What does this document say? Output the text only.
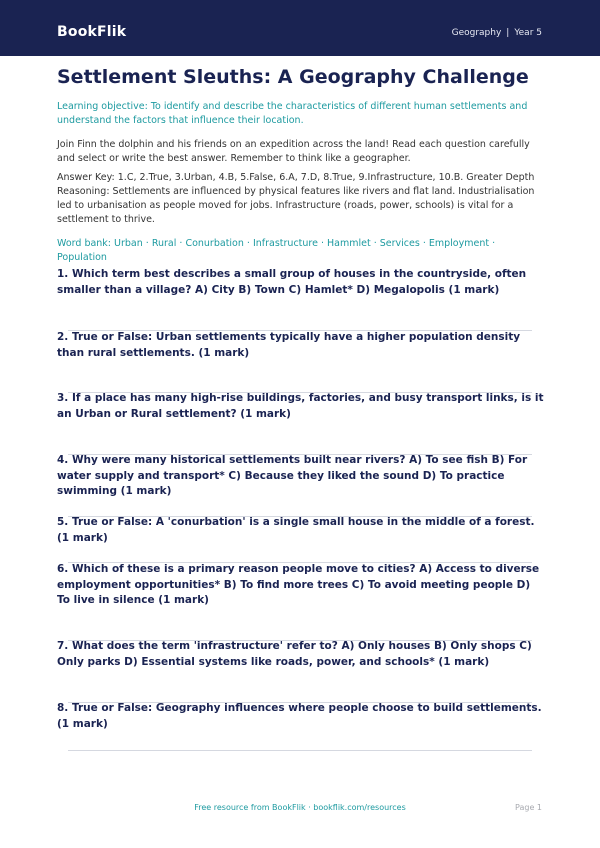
BookFlik	Geography | Year 5
Settlement Sleuths: A Geography Challenge

Learning objective: To identify and describe the characteristics of different human settlements and understand the factors that influence their location.

Join Finn the dolphin and his friends on an expedition across the land! Read each question carefully and select or write the best answer. Remember to think like a geographer.

Answer Key: 1.C, 2.True, 3.Urban, 4.B, 5.False, 6.A, 7.D, 8.True, 9.Infrastructure, 10.B. Greater Depth Reasoning: Settlements are influenced by physical features like rivers and flat land. Industrialisation led to urbanisation as people moved for jobs. Infrastructure (roads, power, schools) is vital for a settlement to thrive.

Word bank: Urban · Rural · Conurbation · Infrastructure · Hammlet · Services · Employment · Population

1. Which term best describes a small group of houses in the countryside, often smaller than a village? A) City B) Town C) Hamlet* D) Megalopolis (1 mark)

2. True or False: Urban settlements typically have a higher population density than rural settlements. (1 mark)

3. If a place has many high-rise buildings, factories, and busy transport links, is it an Urban or Rural settlement? (1 mark)

4. Why were many historical settlements built near rivers? A) To see fish B) For water supply and transport* C) Because they liked the sound D) To practice swimming (1 mark)

5. True or False: A 'conurbation' is a single small house in the middle of a forest. (1 mark)

6. Which of these is a primary reason people move to cities? A) Access to diverse employment opportunities* B) To find more trees C) To avoid meeting people D) To live in silence (1 mark)

7. What does the term 'infrastructure' refer to? A) Only houses B) Only shops C) Only parks D) Essential systems like roads, power, and schools* (1 mark)

8. True or False: Geography influences where people choose to build settlements. (1 mark)

Free resource from BookFlik · bookflik.com/resources	Page 1
